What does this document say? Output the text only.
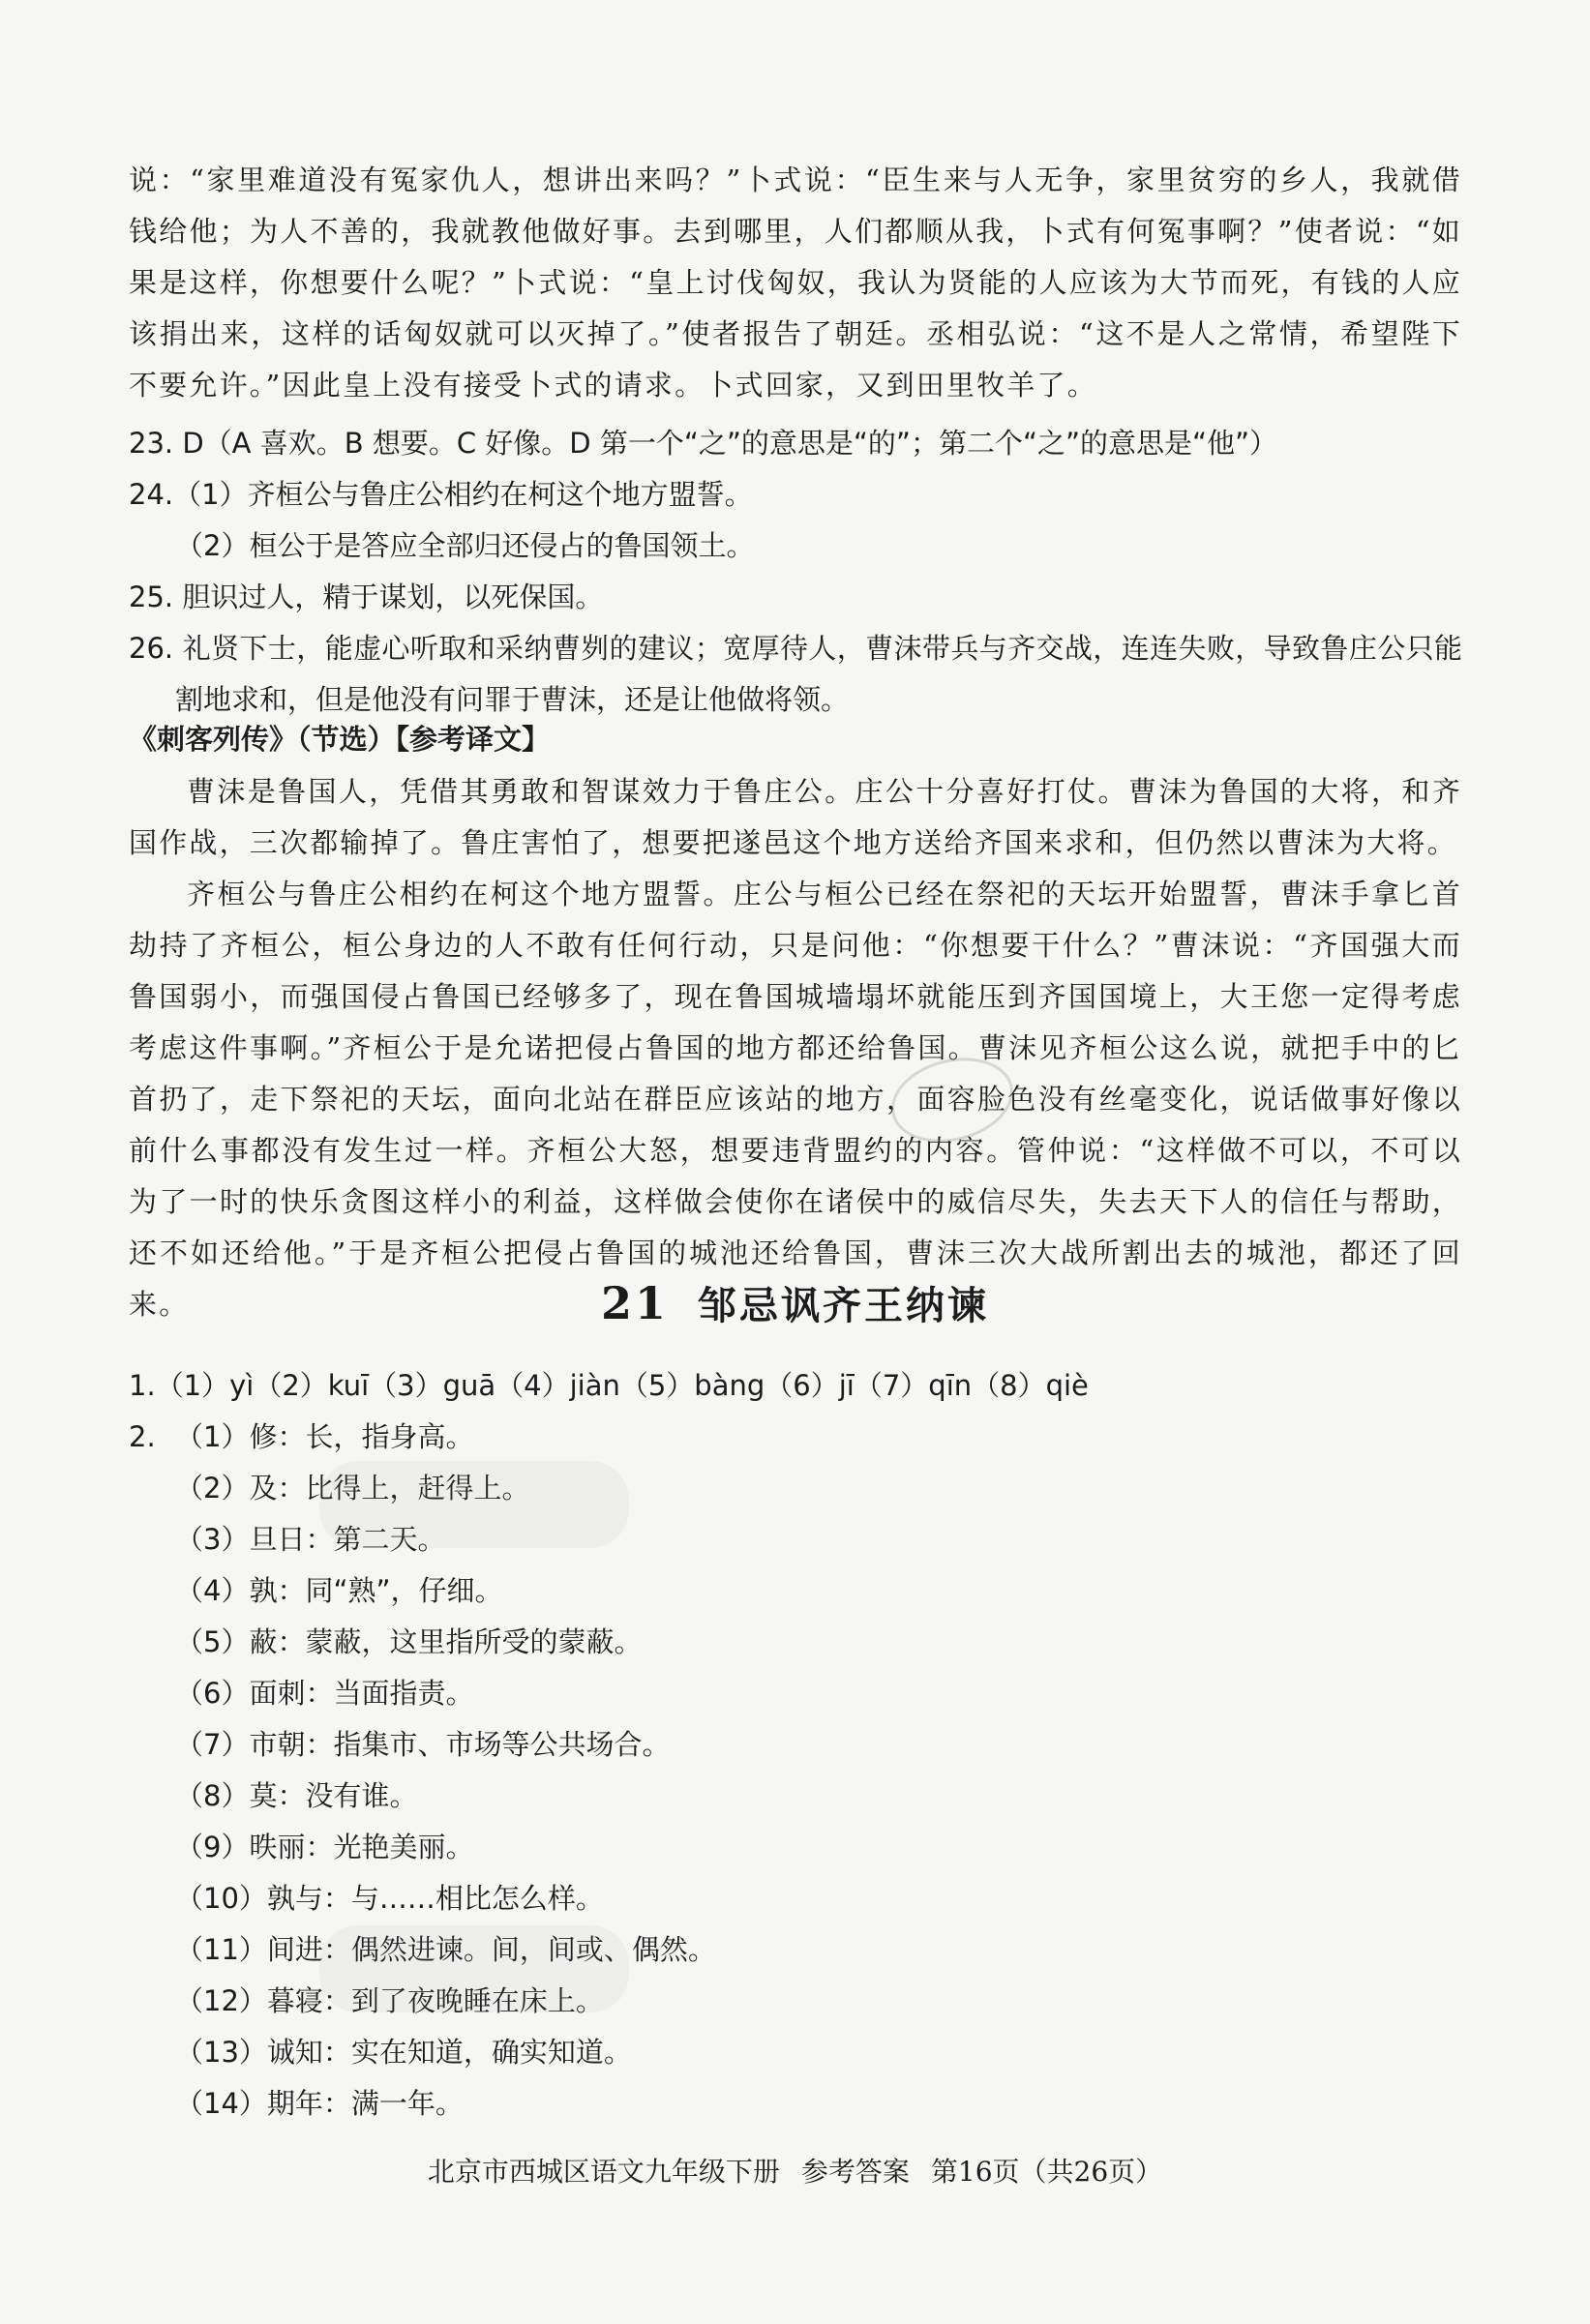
说：“家里难道没有冤家仇人，想讲出来吗？”卜式说：“臣生来与人无争，家里贫穷的乡人，我就借钱给他；为人不善的，我就教他做好事。去到哪里，人们都顺从我，卜式有何冤事啊？”使者说：“如果是这样，你想要什么呢？”卜式说：“皇上讨伐匈奴，我认为贤能的人应该为大节而死，有钱的人应该捐出来，这样的话匈奴就可以灭掉了。”使者报告了朝廷。丞相弘说：“这不是人之常情，希望陛下不要允许。”因此皇上没有接受卜式的请求。卜式回家，又到田里牧羊了。

23. D（A 喜欢。B 想要。C 好像。D 第一个“之”的意思是“的”；第二个“之”的意思是“他”）

24.（1）齐桓公与鲁庄公相约在柯这个地方盟誓。

（2）桓公于是答应全部归还侵占的鲁国领土。

25. 胆识过人，精于谋划，以死保国。

26. 礼贤下士，能虚心听取和采纳曹刿的建议；宽厚待人，曹沫带兵与齐交战，连连失败，导致鲁庄公只能割地求和，但是他没有问罪于曹沫，还是让他做将领。

《刺客列传》（节选）【参考译文】

曹沫是鲁国人，凭借其勇敢和智谋效力于鲁庄公。庄公十分喜好打仗。曹沫为鲁国的大将，和齐国作战，三次都输掉了。鲁庄害怕了，想要把遂邑这个地方送给齐国来求和，但仍然以曹沫为大将。

齐桓公与鲁庄公相约在柯这个地方盟誓。庄公与桓公已经在祭祀的天坛开始盟誓，曹沫手拿匕首劫持了齐桓公，桓公身边的人不敢有任何行动，只是问他：“你想要干什么？”曹沫说：“齐国强大而鲁国弱小，而强国侵占鲁国已经够多了，现在鲁国城墙塌坏就能压到齐国国境上，大王您一定得考虑考虑这件事啊。”齐桓公于是允诺把侵占鲁国的地方都还给鲁国。曹沫见齐桓公这么说，就把手中的匕首扔了，走下祭祀的天坛，面向北站在群臣应该站的地方，面容脸色没有丝毫变化，说话做事好像以前什么事都没有发生过一样。齐桓公大怒，想要违背盟约的内容。管仲说：“这样做不可以，不可以为了一时的快乐贪图这样小的利益，这样做会使你在诸侯中的威信尽失，失去天下人的信任与帮助，还不如还给他。”于是齐桓公把侵占鲁国的城池还给鲁国，曹沫三次大战所割出去的城池，都还了回来。	21 邹忌讽齐王纳谏

1.（1）yì（2）kuī（3）guā（4）jiàn（5）bàng（6）jī（7）qīn（8）qiè

2. （1）修：长，指身高。

（2）及：比得上，赶得上。

（3）旦日：第二天。

（4）孰：同“熟”，仔细。

（5）蔽：蒙蔽，这里指所受的蒙蔽。

（6）面刺：当面指责。

（7）市朝：指集市、市场等公共场合。

（8）莫：没有谁。

（9）昳丽：光艳美丽。

（10）孰与：与……相比怎么样。

（11）间进：偶然进谏。间，间或、偶然。

（12）暮寝：到了夜晚睡在床上。

（13）诚知：实在知道，确实知道。

（14）期年：满一年。

北京市西城区语文九年级下册 参考答案 第16页（共26页）
